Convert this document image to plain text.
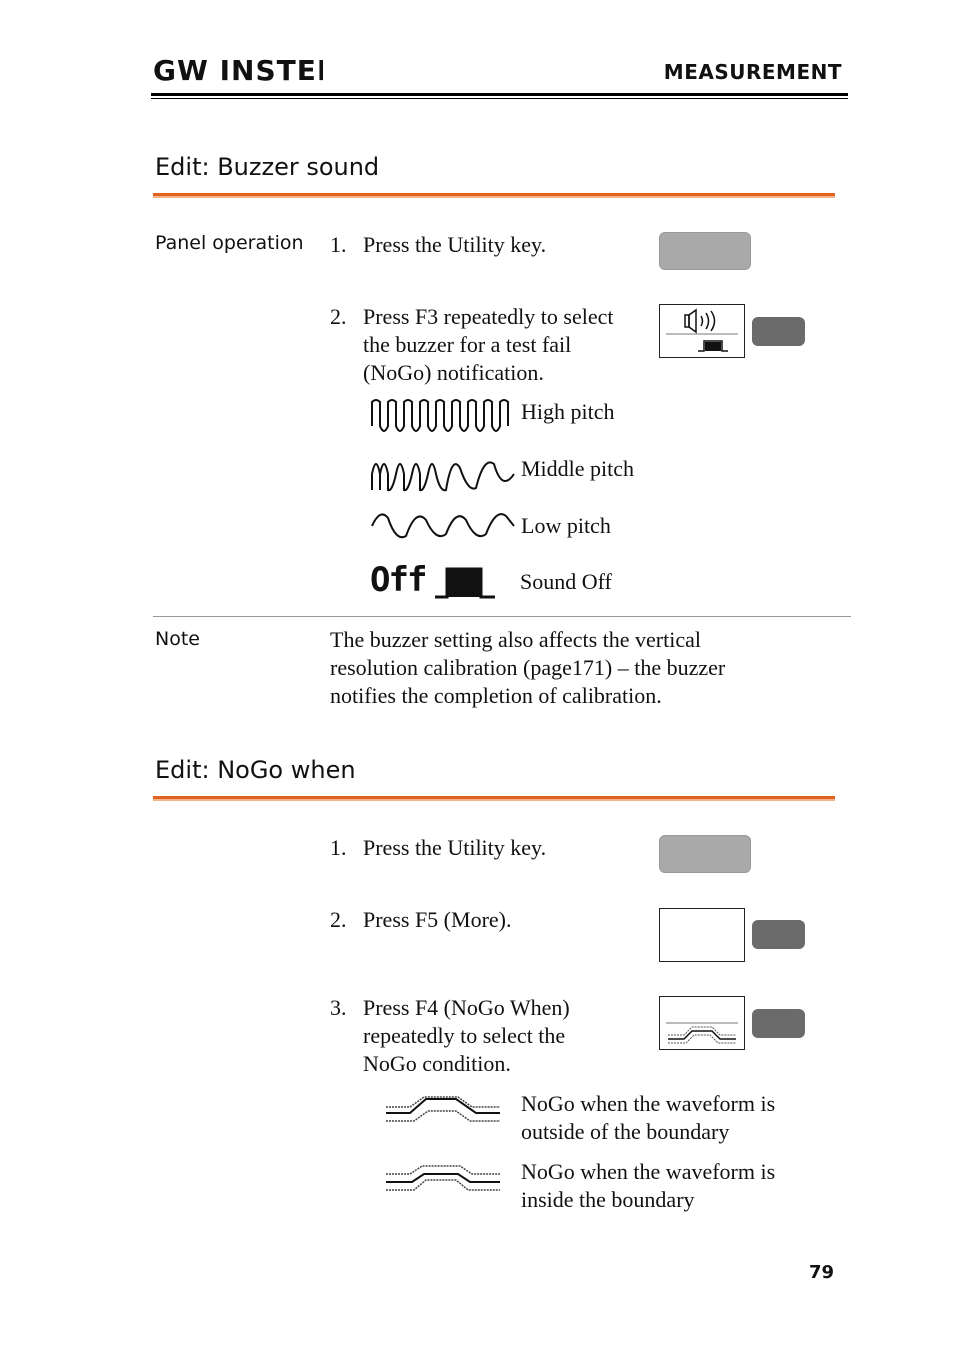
GW INSTEK	MEASUREMENT
Edit: Buzzer sound
Panel operation 1. Press the Utility key.
2. Press F3 repeatedly to select
the buzzer for a test fail
(NoGo) notification.
High pitch
Middle pitch
Low pitch
Off	Sound Off
Note	The buzzer setting also affects the vertical
resolution calibration (page171) – the buzzer
notifies the completion of calibration.
Edit: NoGo when
1. Press the Utility key.
2. Press F5 (More).
3. Press F4 (NoGo When)
repeatedly to select the
NoGo condition.
NoGo when the waveform is
outside of the boundary
NoGo when the waveform is
inside the boundary
79
